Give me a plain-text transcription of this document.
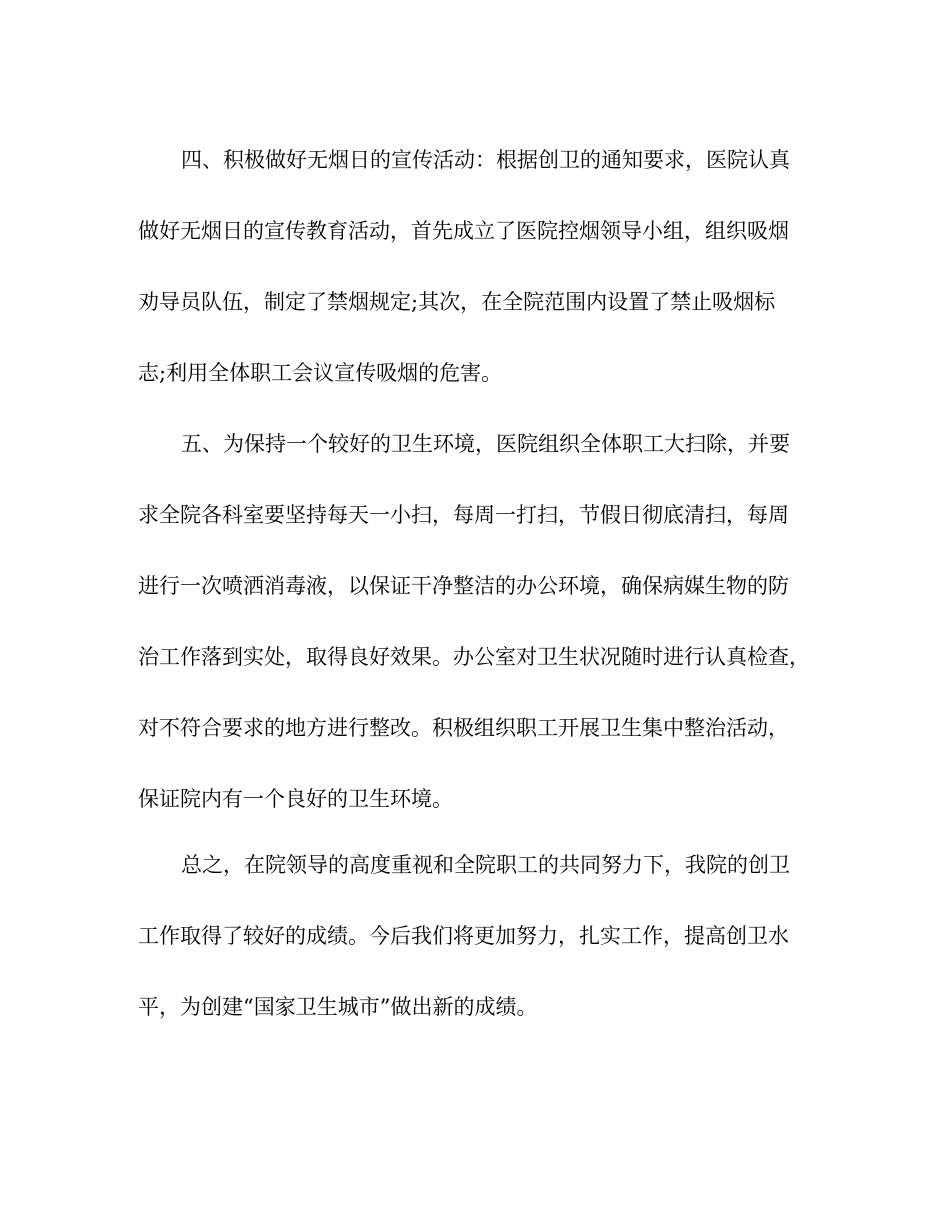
四、积极做好无烟日的宣传活动：根据创卫的通知要求，医院认真

做好无烟日的宣传教育活动，首先成立了医院控烟领导小组，组织吸烟

劝导员队伍，制定了禁烟规定;其次，在全院范围内设置了禁止吸烟标

志;利用全体职工会议宣传吸烟的危害。

五、为保持一个较好的卫生环境，医院组织全体职工大扫除，并要

求全院各科室要坚持每天一小扫，每周一打扫，节假日彻底清扫，每周

进行一次喷洒消毒液，以保证干净整洁的办公环境，确保病媒生物的防

治工作落到实处，取得良好效果。办公室对卫生状况随时进行认真检查，

对不符合要求的地方进行整改。积极组织职工开展卫生集中整治活动，

保证院内有一个良好的卫生环境。

总之，在院领导的高度重视和全院职工的共同努力下，我院的创卫

工作取得了较好的成绩。今后我们将更加努力，扎实工作，提高创卫水

平，为创建“国家卫生城市”做出新的成绩。
